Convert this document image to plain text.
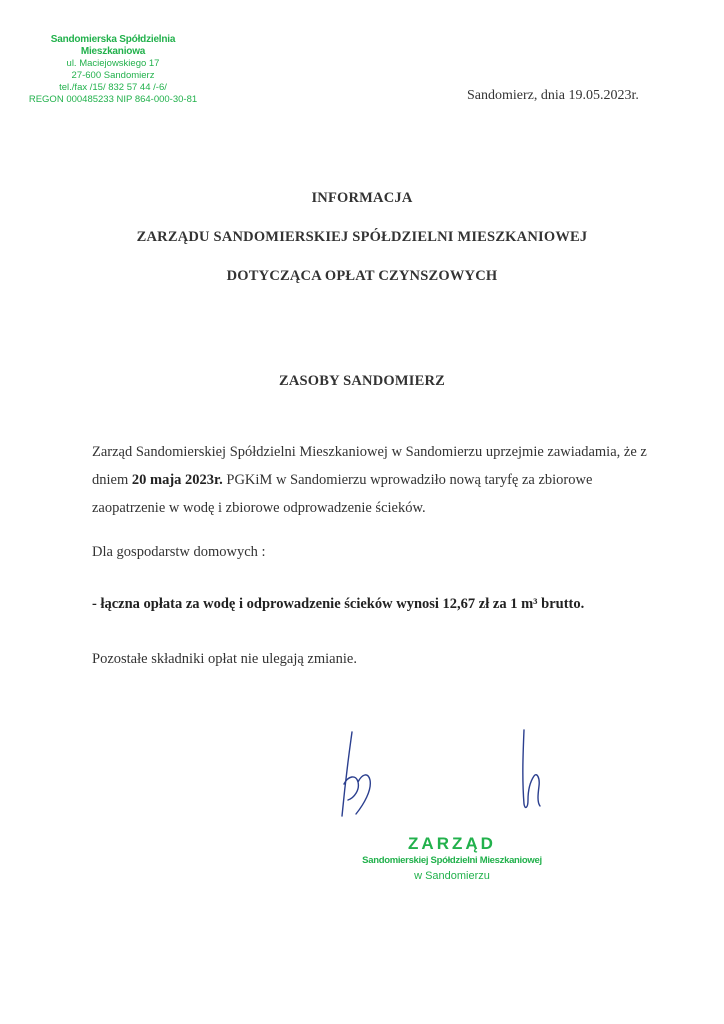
Sandomierska Spółdzielnia Mieszkaniowa
ul. Maciejowskiego 17
27-600 Sandomierz
tel./fax /15/ 832 57 44 /-6/
REGON 000485233 NIP 864-000-30-81	Sandomierz, dnia 19.05.2023r.
INFORMACJA
ZARZĄDU SANDOMIERSKIEJ SPÓŁDZIELNI MIESZKANIOWEJ
DOTYCZĄCA OPŁAT CZYNSZOWYCH
ZASOBY SANDOMIERZ
Zarząd Sandomierskiej Spółdzielni Mieszkaniowej w Sandomierzu uprzejmie zawiadamia, że z dniem 20 maja 2023r. PGKiM w Sandomierzu wprowadziło nową taryfę za zbiorowe zaopatrzenie w wodę i zbiorowe odprowadzenie ścieków.
Dla gospodarstw domowych :
- łączna opłata za wodę i odprowadzenie ścieków wynosi 12,67 zł za 1 m³ brutto.
Pozostałe składniki opłat nie ulegają zmianie.
ZARZĄD
Sandomierskiej Spółdzielni Mieszkaniowej
w Sandomierzu
